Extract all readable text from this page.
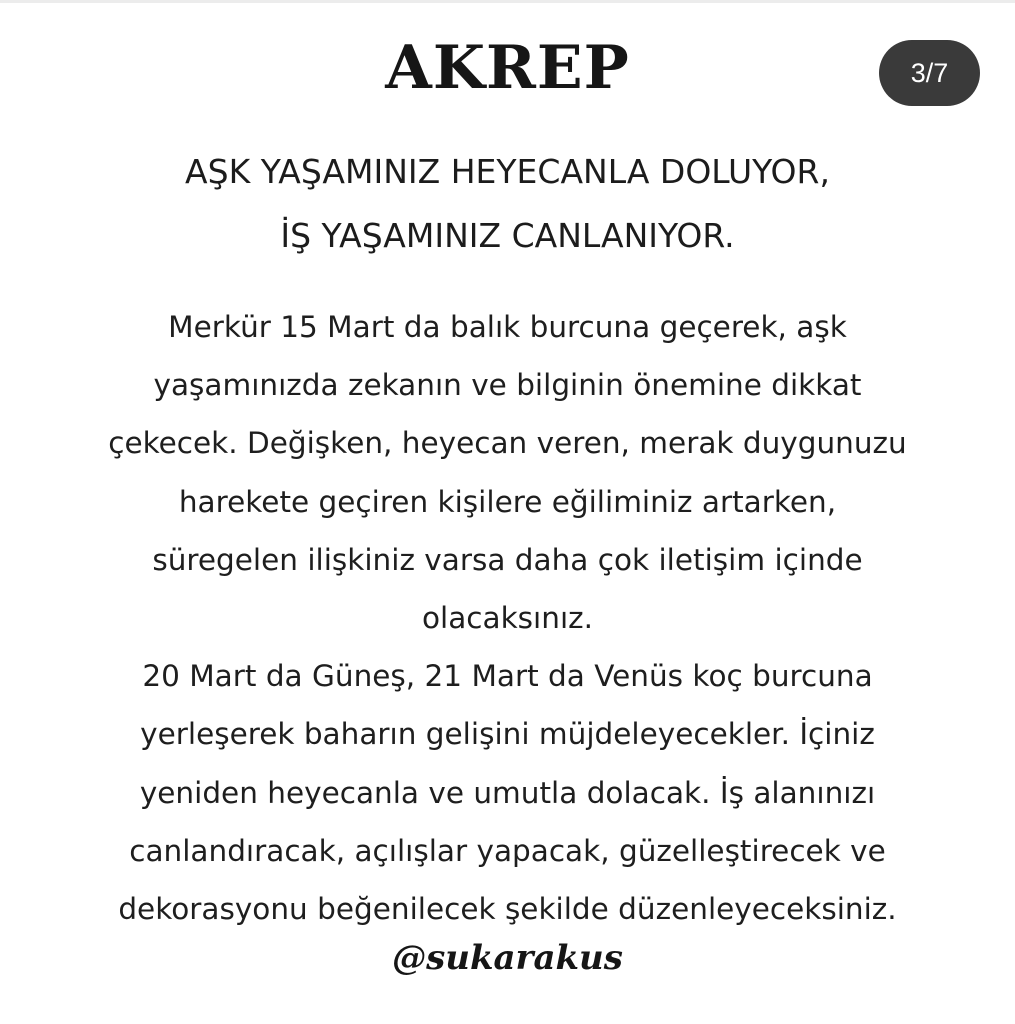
AKREP	3/7
AŞK YAŞAMINIZ HEYECANLA DOLUYOR,
İŞ YAŞAMINIZ CANLANIYOR.
Merkür 15 Mart da balık burcuna geçerek, aşk
yaşamınızda zekanın ve bilginin önemine dikkat
çekecek. Değişken, heyecan veren, merak duygunuzu
harekete geçiren kişilere eğiliminiz artarken,
süregelen ilişkiniz varsa daha çok iletişim içinde
olacaksınız.
20 Mart da Güneş, 21 Mart da Venüs koç burcuna
yerleşerek baharın gelişini müjdeleyecekler. İçiniz
yeniden heyecanla ve umutla dolacak. İş alanınızı
canlandıracak, açılışlar yapacak, güzelleştirecek ve
dekorasyonu beğenilecek şekilde düzenleyeceksiniz.
@sukarakus
